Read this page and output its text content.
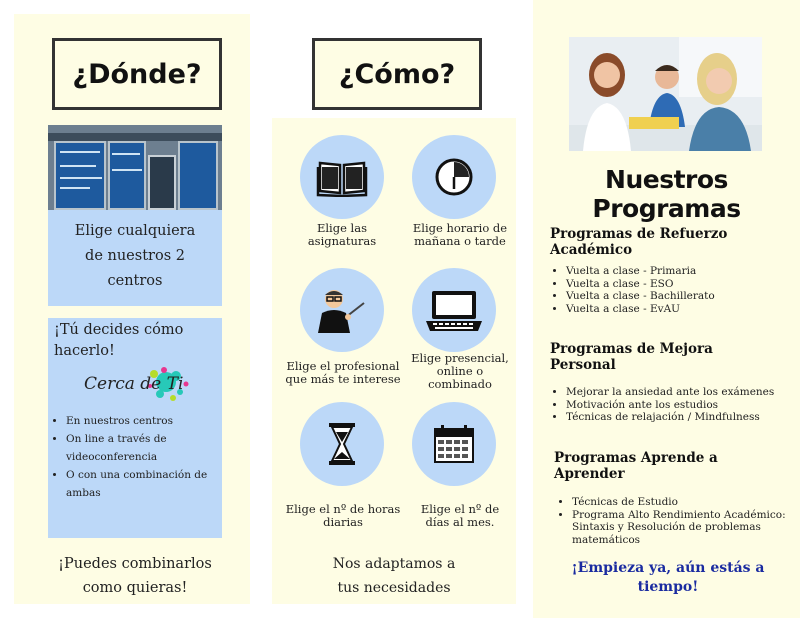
¿Dónde?
Elige cualquiera de nuestros 2 centros
¡Tú decides cómo hacerlo!
Cerca de Ti
• En nuestros centros
• On line a través de videoconferencia
• O con una combinación de ambas
¡Puedes combinarlos como quieras!
¿Cómo?
Elige las asignaturas
Elige horario de mañana o tarde
Elige el profesional que más te interese
Elige presencial, online o combinado
Elige el nº de horas diarias
Elige el nº de días al mes.
Nos adaptamos a tus necesidades
Nuestros Programas
Programas de Refuerzo Académico
• Vuelta a clase - Primaria
• Vuelta a clase - ESO
• Vuelta a clase - Bachillerato
• Vuelta a clase - EvAU
Programas de Mejora Personal
• Mejorar la ansiedad ante los exámenes
• Motivación ante los estudios
• Técnicas de relajación / Mindfulness
Programas Aprende a Aprender
• Técnicas de Estudio
• Programa Alto Rendimiento Académico: Sintaxis y Resolución de problemas matemáticos
¡Empieza ya, aún estás a tiempo!
